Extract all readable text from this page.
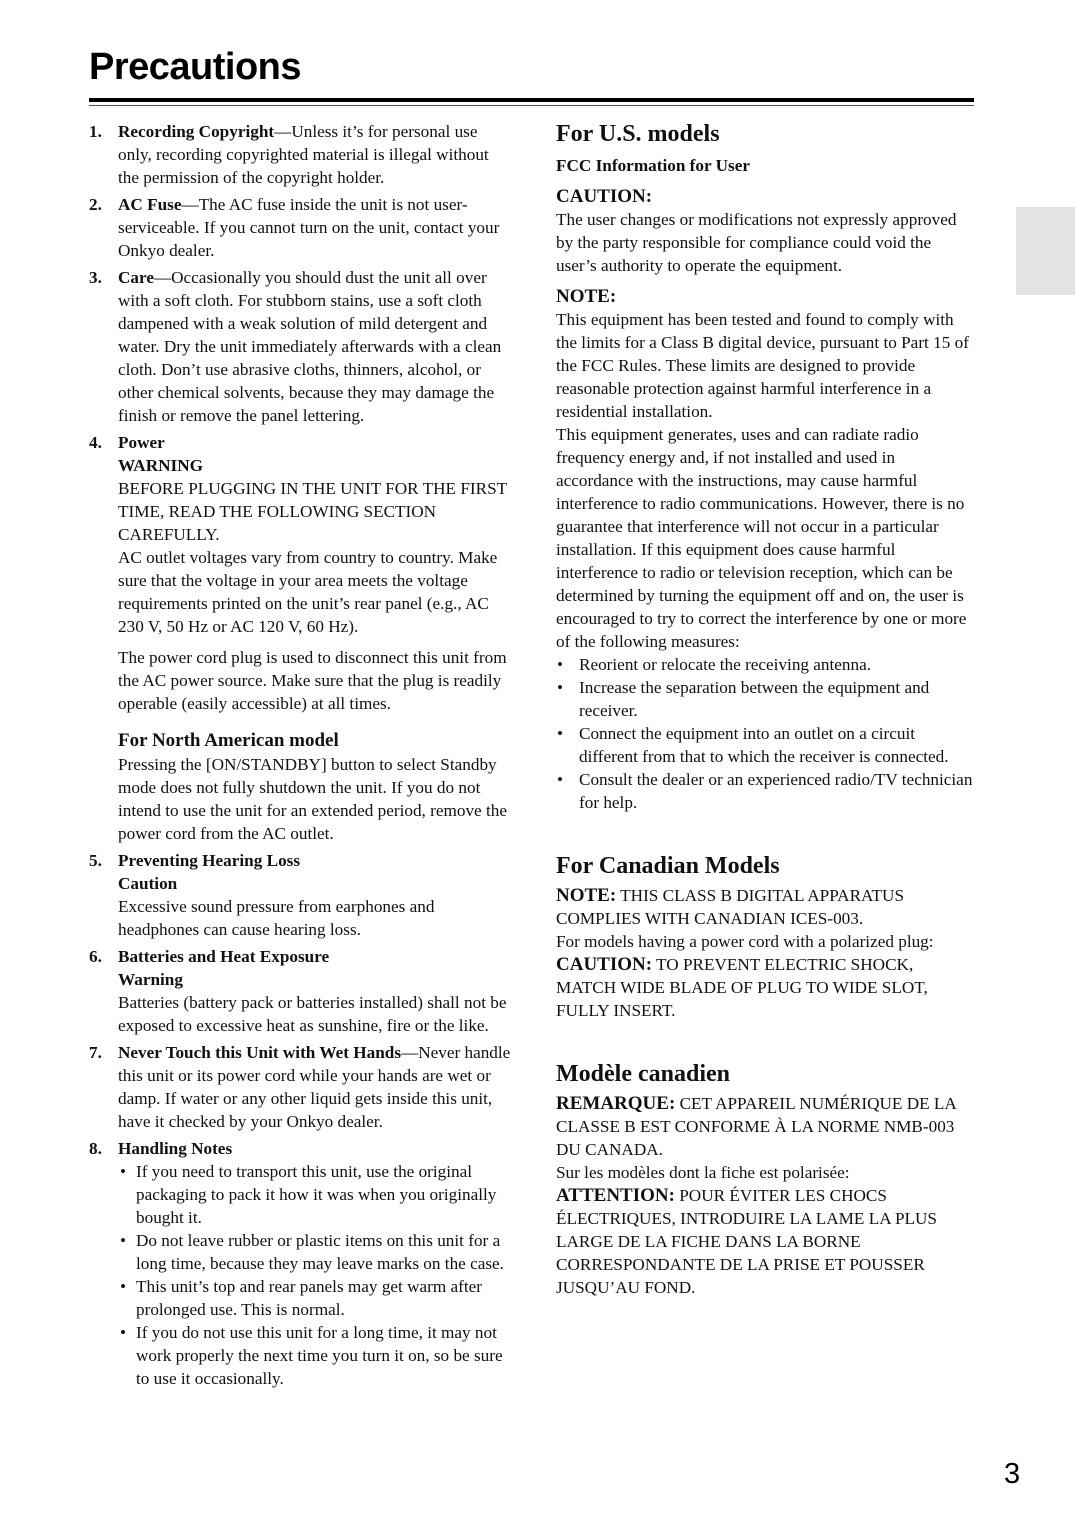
Precautions
1. Recording Copyright—Unless it’s for personal use only, recording copyrighted material is illegal without the permission of the copyright holder.

2. AC Fuse—The AC fuse inside the unit is not user-serviceable. If you cannot turn on the unit, contact your Onkyo dealer.

3. Care—Occasionally you should dust the unit all over with a soft cloth. For stubborn stains, use a soft cloth dampened with a weak solution of mild detergent and water. Dry the unit immediately afterwards with a clean cloth. Don’t use abrasive cloths, thinners, alcohol, or other chemical solvents, because they may damage the finish or remove the panel lettering.

4. Power

WARNING

BEFORE PLUGGING IN THE UNIT FOR THE FIRST TIME, READ THE FOLLOWING SECTION CAREFULLY.

AC outlet voltages vary from country to country. Make sure that the voltage in your area meets the voltage requirements printed on the unit’s rear panel (e.g., AC 230 V, 50 Hz or AC 120 V, 60 Hz).

The power cord plug is used to disconnect this unit from the AC power source. Make sure that the plug is readily operable (easily accessible) at all times.

For North American model

Pressing the [ON/STANDBY] button to select Standby mode does not fully shutdown the unit. If you do not intend to use the unit for an extended period, remove the power cord from the AC outlet.

5. Preventing Hearing Loss

Caution

Excessive sound pressure from earphones and headphones can cause hearing loss.

6. Batteries and Heat Exposure

Warning

Batteries (battery pack or batteries installed) shall not be exposed to excessive heat as sunshine, fire or the like.

7. Never Touch this Unit with Wet Hands—Never handle this unit or its power cord while your hands are wet or damp. If water or any other liquid gets inside this unit, have it checked by your Onkyo dealer.

8. Handling Notes

• If you need to transport this unit, use the original packaging to pack it how it was when you originally bought it.
• Do not leave rubber or plastic items on this unit for a long time, because they may leave marks on the case.
• This unit’s top and rear panels may get warm after prolonged use. This is normal.
• If you do not use this unit for a long time, it may not work properly the next time you turn it on, so be sure to use it occasionally.

For U.S. models

FCC Information for User

CAUTION:

The user changes or modifications not expressly approved by the party responsible for compliance could void the user’s authority to operate the equipment.

NOTE:

This equipment has been tested and found to comply with the limits for a Class B digital device, pursuant to Part 15 of the FCC Rules. These limits are designed to provide reasonable protection against harmful interference in a residential installation.

This equipment generates, uses and can radiate radio frequency energy and, if not installed and used in accordance with the instructions, may cause harmful interference to radio communications. However, there is no guarantee that interference will not occur in a particular installation. If this equipment does cause harmful interference to radio or television reception, which can be determined by turning the equipment off and on, the user is encouraged to try to correct the interference by one or more of the following measures:

• Reorient or relocate the receiving antenna.
• Increase the separation between the equipment and receiver.
• Connect the equipment into an outlet on a circuit different from that to which the receiver is connected.
• Consult the dealer or an experienced radio/TV technician for help.

For Canadian Models

NOTE: THIS CLASS B DIGITAL APPARATUS COMPLIES WITH CANADIAN ICES-003.

For models having a power cord with a polarized plug:

CAUTION: TO PREVENT ELECTRIC SHOCK, MATCH WIDE BLADE OF PLUG TO WIDE SLOT, FULLY INSERT.

Modèle canadien

REMARQUE: CET APPAREIL NUMÉRIQUE DE LA CLASSE B EST CONFORME À LA NORME NMB-003 DU CANADA.

Sur les modèles dont la fiche est polarisée:

ATTENTION: POUR ÉVITER LES CHOCS ÉLECTRIQUES, INTRODUIRE LA LAME LA PLUS LARGE DE LA FICHE DANS LA BORNE CORRESPONDANTE DE LA PRISE ET POUSSER JUSQU’AU FOND.

3
